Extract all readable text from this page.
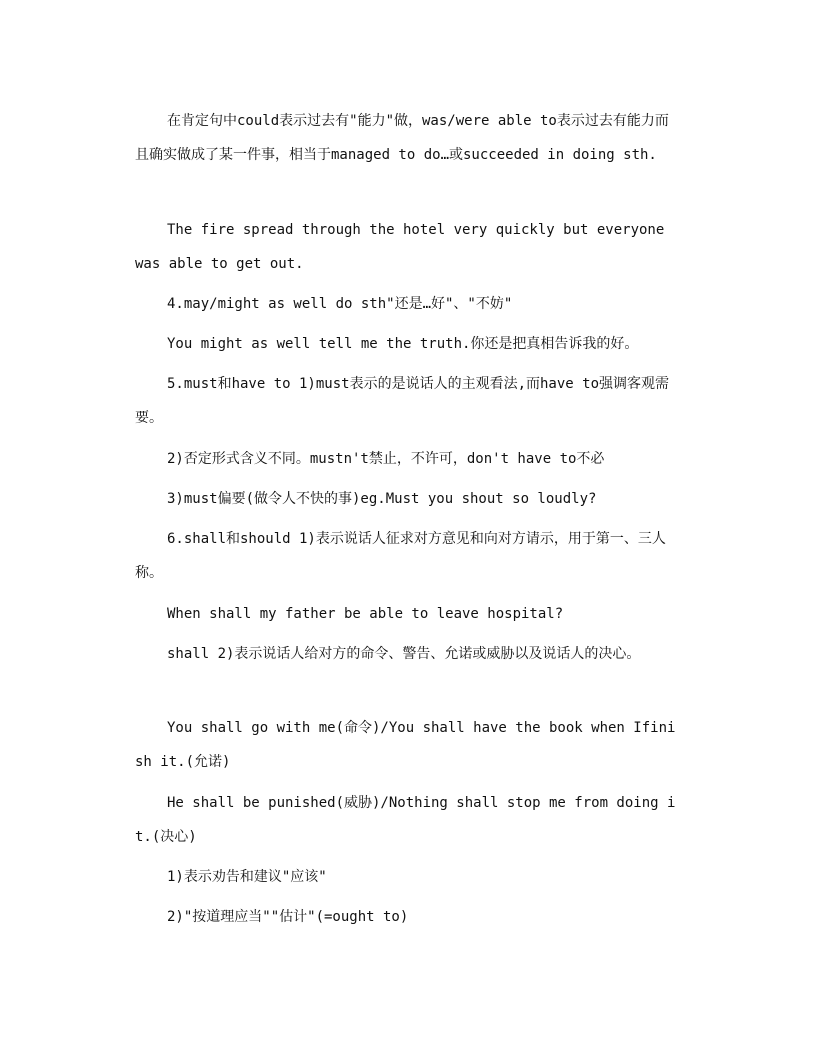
在肯定句中could表示过去有"能力"做，was/were able to表示过去有能力而且确实做成了某一件事，相当于managed to do…或succeeded in doing sth.

The fire spread through the hotel very quickly but everyone was able to get out.

4.may/might as well do sth"还是…好"、"不妨"

You might as well tell me the truth.你还是把真相告诉我的好。

5.must和have to 1)must表示的是说话人的主观看法,而have to强调客观需要。

2)否定形式含义不同。mustn't禁止，不许可，don't have to不必

3)must偏要(做令人不快的事)eg.Must you shout so loudly?

6.shall和should 1)表示说话人征求对方意见和向对方请示，用于第一、三人称。

When shall my father be able to leave hospital?

shall 2)表示说话人给对方的命令、警告、允诺或威胁以及说话人的决心。

You shall go with me(命令)/You shall have the book when Ifinish it.(允诺)

He shall be punished(威胁)/Nothing shall stop me from doing it.(决心)

1)表示劝告和建议"应该"

2)"按道理应当""估计"(=ought to)
